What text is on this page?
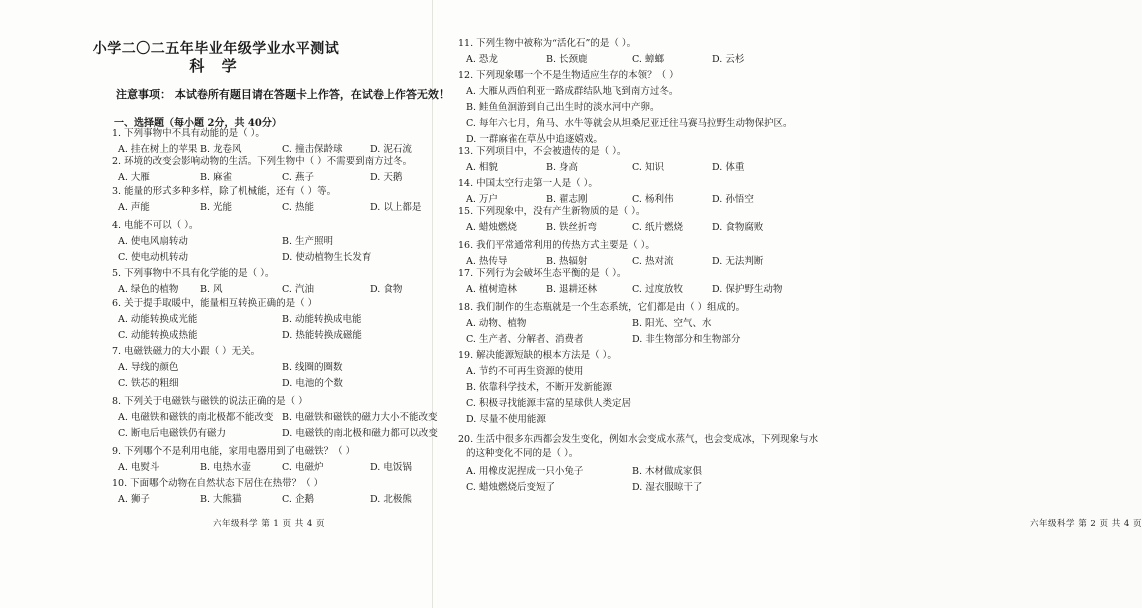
小学二〇二五年毕业年级学业水平测试
科 学
注意事项： 本试卷所有题目请在答题卡上作答，在试卷上作答无效！
一、选择题（每小题 2分，共 40分）
1. 下列事物中不具有动能的是（ ）。
A. 挂在树上的苹果 B. 龙卷风	C. 撞击保龄球	D. 泥石流
2. 环境的改变会影响动物的生活。下列生物中（ ）不需要到南方过冬。
A. 大雁	B. 麻雀	C. 燕子	D. 天鹅
3. 能量的形式多种多样，除了机械能，还有（ ）等。
A. 声能	B. 光能	C. 热能	D. 以上都是
4. 电能不可以（ ）。
A. 使电风扇转动	B. 生产照明
C. 使电动机转动	D. 使动植物生长发育
5. 下列事物中不具有化学能的是（ ）。
A. 绿色的植物 B. 风	C. 汽油	D. 食物
6. 关于提手取暖中，能量相互转换正确的是（ ）
A. 动能转换成光能	B. 动能转换成电能
C. 动能转换成热能	D. 热能转换成磁能
7. 电磁铁磁力的大小跟（ ）无关。
A. 导线的颜色	B. 线圈的圈数
C. 铁芯的粗细	D. 电池的个数
8. 下列关于电磁铁与磁铁的说法正确的是（ ）
A. 电磁铁和磁铁的南北极都不能改变 B. 电磁铁和磁铁的磁力大小不能改变
C. 断电后电磁铁仍有磁力	D. 电磁铁的南北极和磁力都可以改变
9. 下列哪个不是利用电能，家用电器用到了电磁铁？（ ）
A. 电熨斗	B. 电热水壶	C. 电磁炉	D. 电饭锅
10. 下面哪个动物在自然状态下居住在热带？（ ）
A. 狮子	B. 大熊猫	C. 企鹅	D. 北极熊
六年级科学 第 1 页 共 4 页
11. 下列生物中被称为“活化石”的是（ ）。
A. 恐龙	B. 长颈鹿	C. 蟑螂	D. 云杉
12. 下列现象哪一个不是生物适应生存的本领？（ ）
A. 大雁从西伯利亚一路成群结队地飞到南方过冬。
B. 鲑鱼鱼洄游到自己出生时的淡水河中产卵。
C. 每年六七月，角马、水牛等就会从坦桑尼亚迁往马赛马拉野生动物保护区。
D. 一群麻雀在草丛中追逐嬉戏。
13. 下列项目中，不会被遗传的是（ ）。
A. 相貌	B. 身高	C. 知识	D. 体重
14. 中国太空行走第一人是（ ）。
A. 万户	B. 翟志刚	C. 杨利伟	D. 孙悟空
15. 下列现象中，没有产生新物质的是（ ）。
A. 蜡烛燃烧	B. 铁丝折弯	C. 纸片燃烧	D. 食物腐败
16. 我们平常通常利用的传热方式主要是（ ）。
A. 热传导	B. 热辐射	C. 热对流	D. 无法判断
17. 下列行为会破坏生态平衡的是（ ）。
A. 植树造林	B. 退耕还林	C. 过度放牧	D. 保护野生动物
18. 我们制作的生态瓶就是一个生态系统，它们都是由（ ）组成的。
A. 动物、植物	B. 阳光、空气、水
C. 生产者、分解者、消费者	D. 非生物部分和生物部分
19. 解决能源短缺的根本方法是（ ）。
A. 节约不可再生资源的使用
B. 依靠科学技术，不断开发新能源
C. 积极寻找能源丰富的星球供人类定居
D. 尽量不使用能源
20. 生活中很多东西都会发生变化，例如水会变成水蒸气，也会变成冰，下列现象与水
的这种变化不同的是（ ）。
A. 用橡皮泥捏成一只小兔子	B. 木材做成家俱
C. 蜡烛燃烧后变短了	D. 湿衣服晾干了
六年级科学 第 2 页 共 4 页
